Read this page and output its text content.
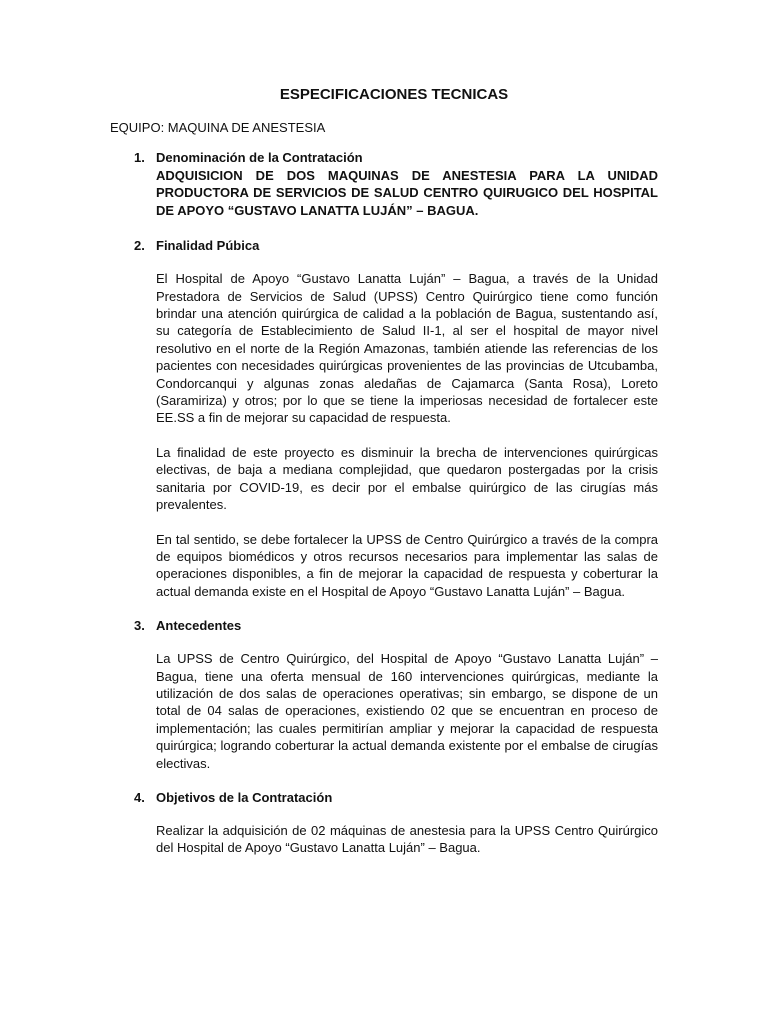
ESPECIFICACIONES TECNICAS

EQUIPO: MAQUINA DE ANESTESIA

1. Denominación de la Contratación

ADQUISICION DE DOS MAQUINAS DE ANESTESIA PARA LA UNIDAD PRODUCTORA DE SERVICIOS DE SALUD CENTRO QUIRUGICO DEL HOSPITAL DE APOYO “GUSTAVO LANATTA LUJÁN” – BAGUA.

2. Finalidad Púbica

El Hospital de Apoyo “Gustavo Lanatta Luján” – Bagua, a través de la Unidad Prestadora de Servicios de Salud (UPSS) Centro Quirúrgico tiene como función brindar una atención quirúrgica de calidad a la población de Bagua, sustentando así, su categoría de Establecimiento de Salud II-1, al ser el hospital de mayor nivel resolutivo en el norte de la Región Amazonas, también atiende las referencias de los pacientes con necesidades quirúrgicas provenientes de las provincias de Utcubamba, Condorcanqui y algunas zonas aledañas de Cajamarca (Santa Rosa), Loreto (Saramiriza) y otros; por lo que se tiene la imperiosas necesidad de fortalecer este EE.SS a fin de mejorar su capacidad de respuesta.

La finalidad de este proyecto es disminuir la brecha de intervenciones quirúrgicas electivas, de baja a mediana complejidad, que quedaron postergadas por la crisis sanitaria por COVID-19, es decir por el embalse quirúrgico de las cirugías más prevalentes.

En tal sentido, se debe fortalecer la UPSS de Centro Quirúrgico a través de la compra de equipos biomédicos y otros recursos necesarios para implementar las salas de operaciones disponibles, a fin de mejorar la capacidad de respuesta y coberturar la actual demanda existe en el Hospital de Apoyo “Gustavo Lanatta Luján” – Bagua.

3. Antecedentes

La UPSS de Centro Quirúrgico, del Hospital de Apoyo “Gustavo Lanatta Luján” – Bagua, tiene una oferta mensual de 160 intervenciones quirúrgicas, mediante la utilización de dos salas de operaciones operativas; sin embargo, se dispone de un total de 04 salas de operaciones, existiendo 02 que se encuentran en proceso de implementación; las cuales permitirían ampliar y mejorar la capacidad de respuesta quirúrgica; logrando coberturar la actual demanda existente por el embalse de cirugías electivas.

4. Objetivos de la Contratación

Realizar la adquisición de 02 máquinas de anestesia para la UPSS Centro Quirúrgico del Hospital de Apoyo “Gustavo Lanatta Luján” – Bagua.
